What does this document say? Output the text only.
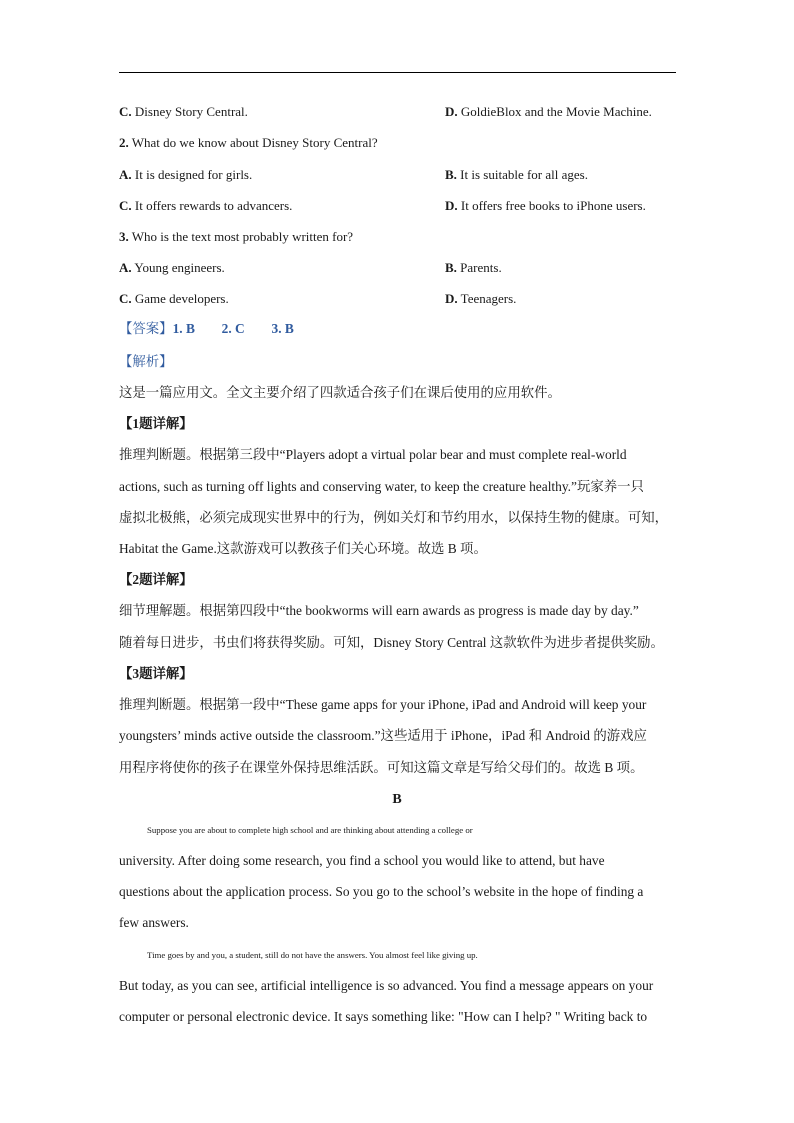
C. Disney Story Central.	D. GoldieBlox and the Movie Machine.
2. What do we know about Disney Story Central?
A. It is designed for girls.	B. It is suitable for all ages.
C. It offers rewards to advancers.	D. It offers free books to iPhone users.
3. Who is the text most probably written for?
A. Young engineers.	B. Parents.
C. Game developers.	D. Teenagers.
【答案】1. B        2. C        3. B
【解析】
这是一篇应用文。全文主要介绍了四款适合孩子们在课后使用的应用软件。
【1题详解】
推理判断题。根据第三段中“Players adopt a virtual polar bear and must complete real-world
actions, such as turning off lights and conserving water, to keep the creature healthy.”玩家养一只
虚拟北极熊，必须完成现实世界中的行为，例如关灯和节约用水，以保持生物的健康。可知，
Habitat the Game.这款游戏可以教孩子们关心环境。故选 B 项。
【2题详解】
细节理解题。根据第四段中“the bookworms will earn awards as progress is made day by day.”
随着每日进步，书虫们将获得奖励。可知，Disney Story Central 这款软件为进步者提供奖励。
【3题详解】
推理判断题。根据第一段中“These game apps for your iPhone, iPad and Android will keep your
youngsters’ minds active outside the classroom.”这些适用于 iPhone，iPad 和 Android 的游戏应
用程序将使你的孩子在课堂外保持思维活跃。可知这篇文章是写给父母们的。故选 B 项。
B
Suppose you are about to complete high school and are thinking about attending a college or
university. After doing some research, you find a school you would like to attend, but have
questions about the application process. So you go to the school’s website in the hope of finding a
few answers.
Time goes by and you, a student, still do not have the answers. You almost feel like giving up.
But today, as you can see, artificial intelligence is so advanced. You find a message appears on your
computer or personal electronic device. It says something like: "How can I help? " Writing back to
